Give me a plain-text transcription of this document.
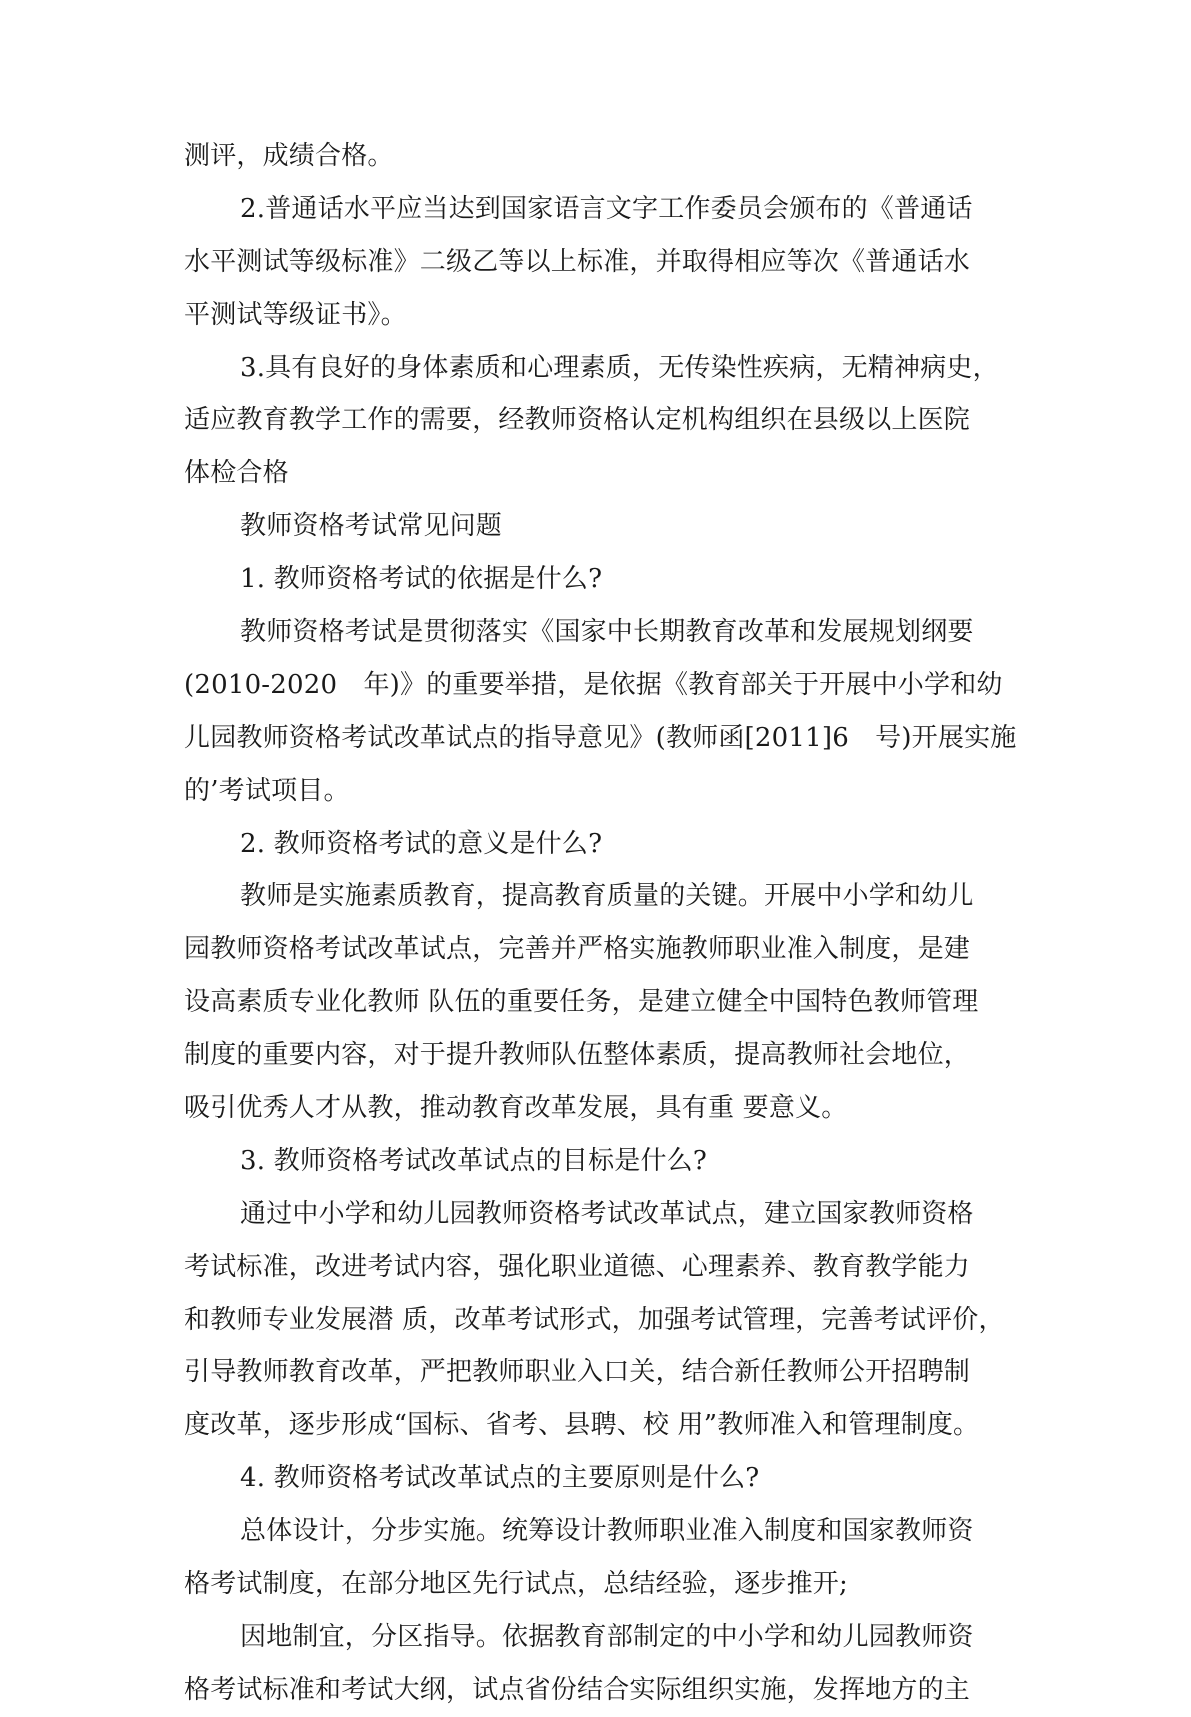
测评，成绩合格。
2.普通话水平应当达到国家语言文字工作委员会颁布的《普通话
水平测试等级标准》二级乙等以上标准，并取得相应等次《普通话水
平测试等级证书》。
3.具有良好的身体素质和心理素质，无传染性疾病，无精神病史，
适应教育教学工作的需要，经教师资格认定机构组织在县级以上医院
体检合格
教师资格考试常见问题
1. 教师资格考试的依据是什么?
教师资格考试是贯彻落实《国家中长期教育改革和发展规划纲要
(2010-2020　年)》的重要举措，是依据《教育部关于开展中小学和幼
儿园教师资格考试改革试点的指导意见》(教师函[2011]6　号)开展实施
的’考试项目。
2. 教师资格考试的意义是什么?
教师是实施素质教育，提高教育质量的关键。开展中小学和幼儿
园教师资格考试改革试点，完善并严格实施教师职业准入制度，是建
设高素质专业化教师 队伍的重要任务，是建立健全中国特色教师管理
制度的重要内容，对于提升教师队伍整体素质，提高教师社会地位，
吸引优秀人才从教，推动教育改革发展，具有重 要意义。
3. 教师资格考试改革试点的目标是什么?
通过中小学和幼儿园教师资格考试改革试点，建立国家教师资格
考试标准，改进考试内容，强化职业道德、心理素养、教育教学能力
和教师专业发展潜 质，改革考试形式，加强考试管理，完善考试评价，
引导教师教育改革，严把教师职业入口关，结合新任教师公开招聘制
度改革，逐步形成“国标、省考、县聘、校 用”教师准入和管理制度。
4. 教师资格考试改革试点的主要原则是什么?
总体设计，分步实施。统筹设计教师职业准入制度和国家教师资
格考试制度，在部分地区先行试点，总结经验，逐步推开;
因地制宜，分区指导。依据教育部制定的中小学和幼儿园教师资
格考试标准和考试大纲，试点省份结合实际组织实施，发挥地方的主
